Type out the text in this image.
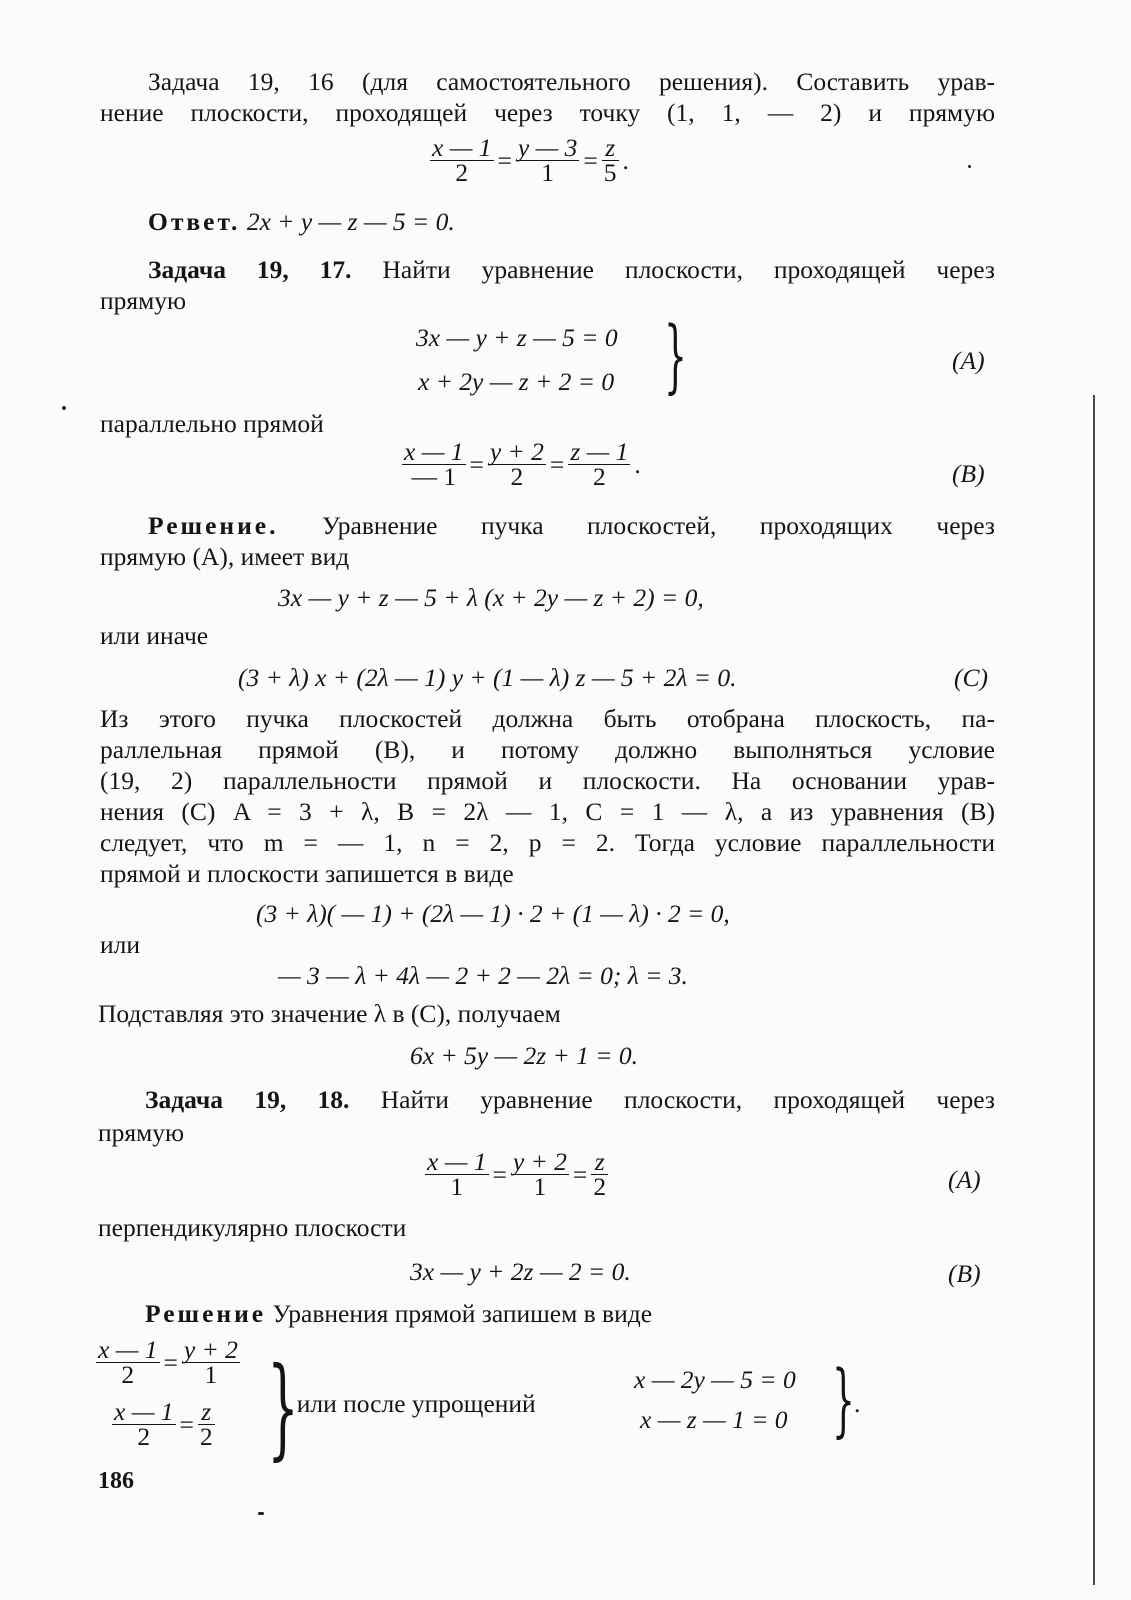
Задача 19, 16 (для самостоятельного решения). Составить урав-
нение плоскости, проходящей через точку (1, 1, — 2) и прямую
$\frac{x — 1}{2} = \frac{y — 3}{1} = \frac{z}{5}$ .
Ответ. 2x + y — z — 5 = 0.
Задача 19, 17. Найти уравнение плоскости, проходящей через
прямую
3x — y + z — 5 = 0
x + 2y — z + 2 = 0 }	(A)
параллельно прямой
$\frac{x — 1}{— 1} = \frac{y + 2}{2} = \frac{z — 1}{2}$ .	(B)
Решение. Уравнение пучка плоскостей, проходящих через
прямую (A), имеет вид
3x — y + z — 5 + λ (x + 2y — z + 2) = 0,
или иначе
(3 + λ) x + (2λ — 1) y + (1 — λ) z — 5 + 2λ = 0.	(C)
Из этого пучка плоскостей должна быть отобрана плоскость, па-
раллельная прямой (B), и потому должно выполняться условие
(19, 2) параллельности прямой и плоскости. На основании урав-
нения (C) A = 3 + λ, B = 2λ — 1, C = 1 — λ, а из уравнения (B)
следует, что m = — 1, n = 2, p = 2. Тогда условие параллельности
прямой и плоскости запишется в виде
(3 + λ)( — 1) + (2λ — 1) · 2 + (1 — λ) · 2 = 0,
или
— 3 — λ + 4λ — 2 + 2 — 2λ = 0; λ = 3.
Подставляя это значение λ в (C), получаем
6x + 5y — 2z + 1 = 0.
Задача 19, 18. Найти уравнение плоскости, проходящей через
прямую
$\frac{x — 1}{1} = \frac{y + 2}{1} = \frac{z}{2}$	(A)
перпендикулярно плоскости
3x — y + 2z — 2 = 0.	(B)
Решение Уравнения прямой запишем в виде
$\frac{x — 1}{2} = \frac{y + 2}{1}$
$\frac{x — 1}{2} = \frac{z}{2}$ }
, или после упрощений
x — 2y — 5 = 0
x — z — 1 = 0 } .
186
